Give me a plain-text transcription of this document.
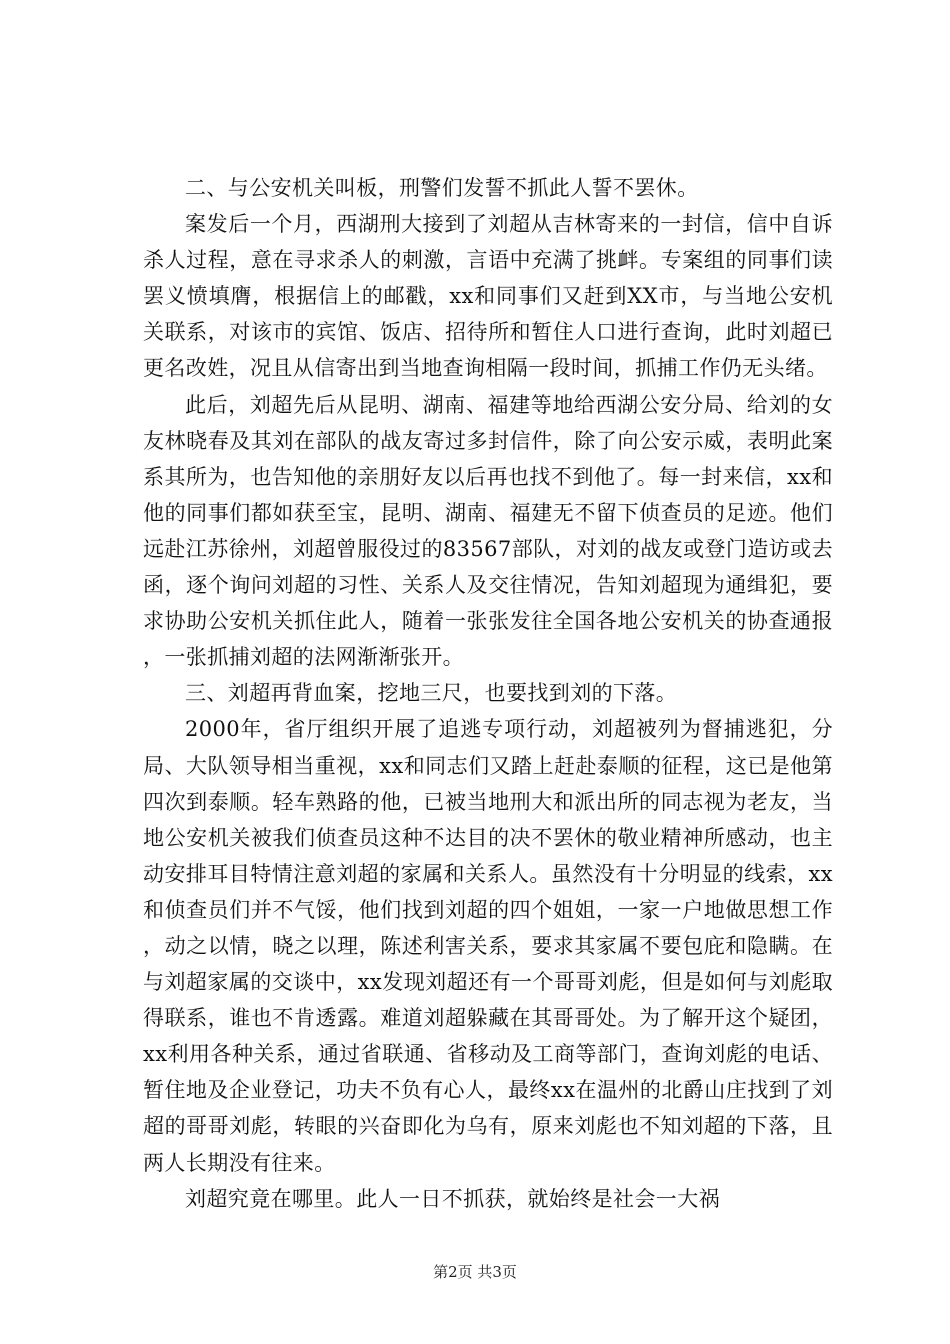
二、与公安机关叫板，刑警们发誓不抓此人誓不罢休。

案发后一个月，西湖刑大接到了刘超从吉林寄来的一封信，信中自诉杀人过程，意在寻求杀人的刺激，言语中充满了挑衅。专案组的同事们读罢义愤填膺，根据信上的邮戳，xx和同事们又赶到XX市，与当地公安机关联系，对该市的宾馆、饭店、招待所和暂住人口进行查询，此时刘超已更名改姓，况且从信寄出到当地查询相隔一段时间，抓捕工作仍无头绪。

此后，刘超先后从昆明、湖南、福建等地给西湖公安分局、给刘的女友林晓春及其刘在部队的战友寄过多封信件，除了向公安示威，表明此案系其所为，也告知他的亲朋好友以后再也找不到他了。每一封来信，xx和他的同事们都如获至宝，昆明、湖南、福建无不留下侦查员的足迹。他们远赴江苏徐州，刘超曾服役过的83567部队，对刘的战友或登门造访或去函，逐个询问刘超的习性、关系人及交往情况，告知刘超现为通缉犯，要求协助公安机关抓住此人，随着一张张发往全国各地公安机关的协查通报，一张抓捕刘超的法网渐渐张开。

三、刘超再背血案，挖地三尺，也要找到刘的下落。

2000年，省厅组织开展了追逃专项行动，刘超被列为督捕逃犯，分局、大队领导相当重视，xx和同志们又踏上赶赴泰顺的征程，这已是他第四次到泰顺。轻车熟路的他，已被当地刑大和派出所的同志视为老友，当地公安机关被我们侦查员这种不达目的决不罢休的敬业精神所感动，也主动安排耳目特情注意刘超的家属和关系人。虽然没有十分明显的线索，xx和侦查员们并不气馁，他们找到刘超的四个姐姐，一家一户地做思想工作，动之以情，晓之以理，陈述利害关系，要求其家属不要包庇和隐瞒。在与刘超家属的交谈中，xx发现刘超还有一个哥哥刘彪，但是如何与刘彪取得联系，谁也不肯透露。难道刘超躲藏在其哥哥处。为了解开这个疑团，xx利用各种关系，通过省联通、省移动及工商等部门，查询刘彪的电话、暂住地及企业登记，功夫不负有心人，最终xx在温州的北爵山庄找到了刘超的哥哥刘彪，转眼的兴奋即化为乌有，原来刘彪也不知刘超的下落，且两人长期没有往来。

刘超究竟在哪里。此人一日不抓获，就始终是社会一大祸

第2页 共3页
